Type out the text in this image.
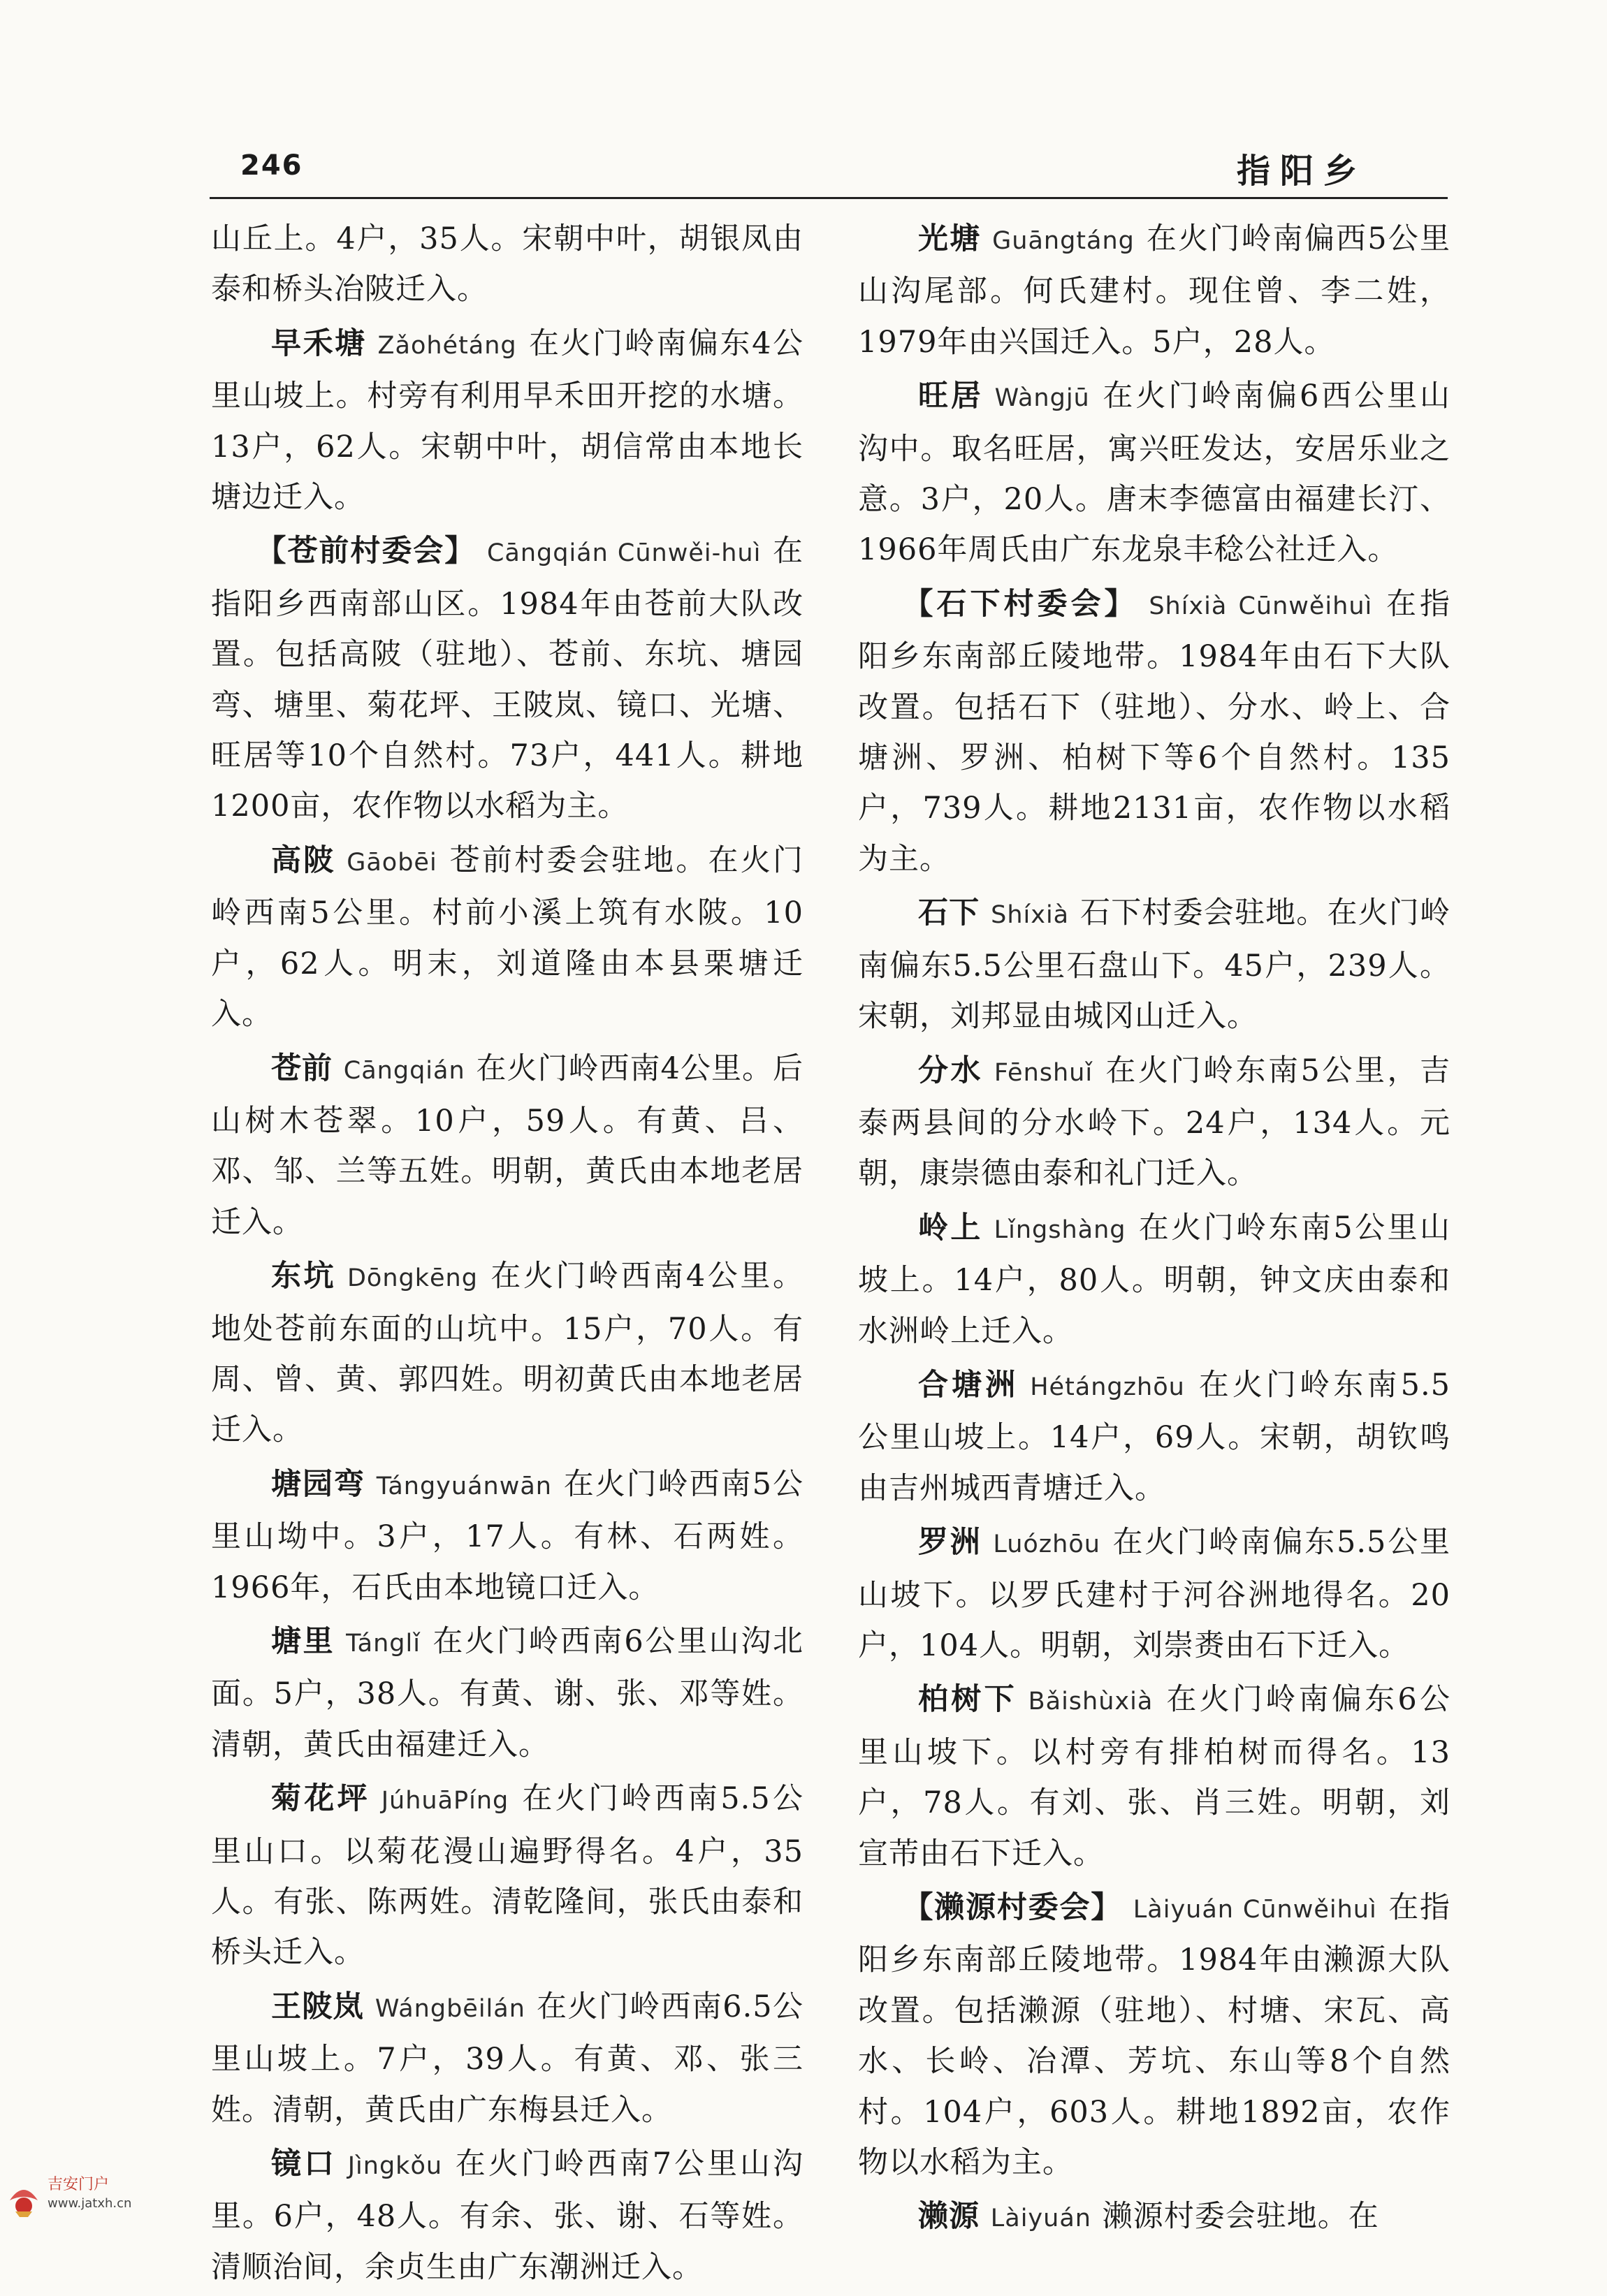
246	指阳乡

山丘上。4户，35人。宋朝中叶，胡银凤由泰和桥头冶陂迁入。

早禾塘 Zǎohétáng 在火门岭南偏东4公里山坡上。村旁有利用早禾田开挖的水塘。13户，62人。宋朝中叶，胡信常由本地长塘边迁入。

【苍前村委会】 Cāngqián Cūnwěi-huì 在指阳乡西南部山区。1984年由苍前大队改置。包括高陂（驻地）、苍前、东坑、塘园弯、塘里、菊花坪、王陂岚、镜口、光塘、旺居等10个自然村。73户，441人。耕地1200亩，农作物以水稻为主。

高陂 Gāobēi 苍前村委会驻地。在火门岭西南5公里。村前小溪上筑有水陂。10户，62人。明末，刘道隆由本县栗塘迁入。

苍前 Cāngqián 在火门岭西南4公里。后山树木苍翠。10户，59人。有黄、吕、邓、邹、兰等五姓。明朝，黄氏由本地老居迁入。

东坑 Dōngkēng 在火门岭西南4公里。地处苍前东面的山坑中。15户，70人。有周、曾、黄、郭四姓。明初黄氏由本地老居迁入。

塘园弯 Tángyuánwān 在火门岭西南5公里山坳中。3户，17人。有林、石两姓。1966年，石氏由本地镜口迁入。

塘里 Tánglǐ 在火门岭西南6公里山沟北面。5户，38人。有黄、谢、张、邓等姓。清朝，黄氏由福建迁入。

菊花坪 JúhuāPíng 在火门岭西南5.5公里山口。以菊花漫山遍野得名。4户，35人。有张、陈两姓。清乾隆间，张氏由泰和桥头迁入。

王陂岚 Wángbēilán 在火门岭西南6.5公里山坡上。7户，39人。有黄、邓、张三姓。清朝，黄氏由广东梅县迁入。

镜口 Jìngkǒu 在火门岭西南7公里山沟里。6户，48人。有余、张、谢、石等姓。清顺治间，余贞生由广东潮洲迁入。

光塘 Guāngtáng 在火门岭南偏西5公里山沟尾部。何氏建村。现住曾、李二姓，1979年由兴国迁入。5户，28人。

旺居 Wàngjū 在火门岭南偏6西公里山沟中。取名旺居，寓兴旺发达，安居乐业之意。3户，20人。唐末李德富由福建长汀、1966年周氏由广东龙泉丰稔公社迁入。

【石下村委会】 Shíxià Cūnwěihuì 在指阳乡东南部丘陵地带。1984年由石下大队改置。包括石下（驻地）、分水、岭上、合塘洲、罗洲、柏树下等6个自然村。135户，739人。耕地2131亩，农作物以水稻为主。

石下 Shíxià 石下村委会驻地。在火门岭南偏东5.5公里石盘山下。45户，239人。宋朝，刘邦显由城冈山迁入。

分水 Fēnshuǐ 在火门岭东南5公里，吉泰两县间的分水岭下。24户，134人。元朝，康崇德由泰和礼门迁入。

岭上 Lǐngshàng 在火门岭东南5公里山坡上。14户，80人。明朝，钟文庆由泰和水洲岭上迁入。

合塘洲 Hétángzhōu 在火门岭东南5.5公里山坡上。14户，69人。宋朝，胡钦鸣由吉州城西青塘迁入。

罗洲 Luózhōu 在火门岭南偏东5.5公里山坡下。以罗氏建村于河谷洲地得名。20户，104人。明朝，刘崇赉由石下迁入。

柏树下 Bǎishùxià 在火门岭南偏东6公里山坡下。以村旁有排柏树而得名。13户，78人。有刘、张、肖三姓。明朝，刘宣芾由石下迁入。

【濑源村委会】 Làiyuán Cūnwěihuì 在指阳乡东南部丘陵地带。1984年由濑源大队改置。包括濑源（驻地）、村塘、宋瓦、高水、长岭、冶潭、芳坑、东山等8个自然村。104户，603人。耕地1892亩，农作物以水稻为主。

濑源 Làiyuán 濑源村委会驻地。在

吉安门户
www.jatxh.cn
